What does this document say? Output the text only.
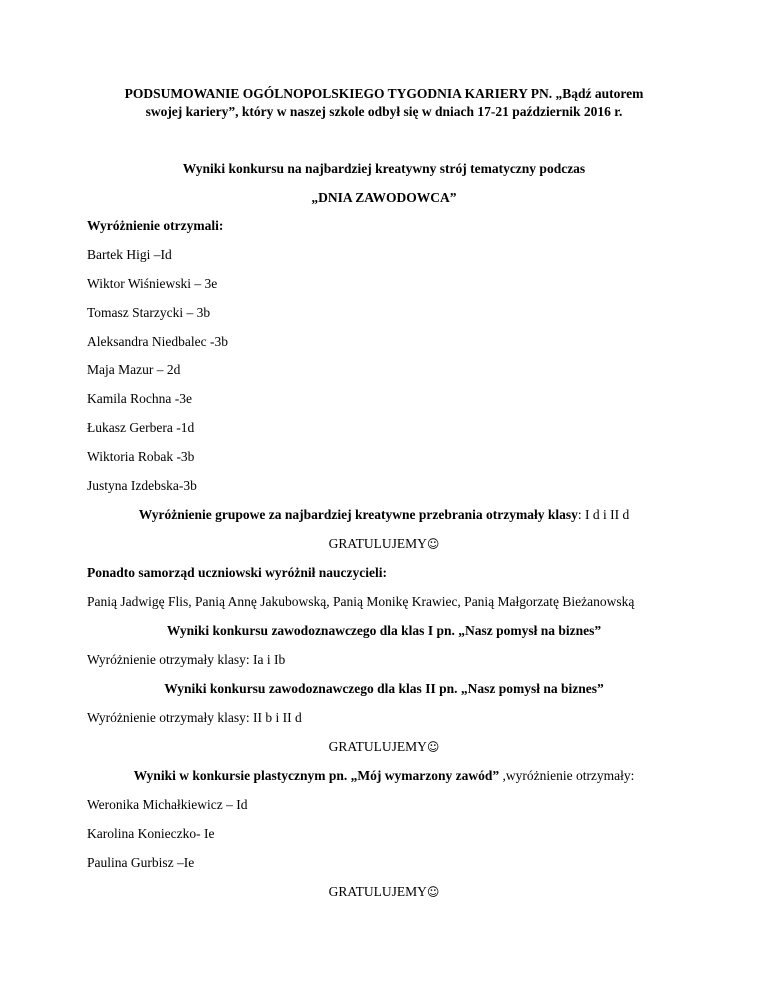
PODSUMOWANIE OGÓLNOPOLSKIEGO TYGODNIA KARIERY PN. „Bądź autorem
swojej kariery”, który w naszej szkole odbył się w dniach 17-21 październik 2016 r.
Wyniki konkursu na najbardziej kreatywny strój tematyczny podczas
„DNIA ZAWODOWCA”
Wyróżnienie otrzymali:
Bartek Higi –Id
Wiktor Wiśniewski – 3e
Tomasz Starzycki – 3b
Aleksandra Niedbalec -3b
Maja Mazur – 2d
Kamila Rochna -3e
Łukasz Gerbera -1d
Wiktoria Robak -3b
Justyna Izdebska-3b
Wyróżnienie grupowe za najbardziej kreatywne przebrania otrzymały klasy: I d i II d
GRATULUJEMY☺
Ponadto samorząd uczniowski wyróżnił nauczycieli:
Panią Jadwigę Flis, Panią Annę Jakubowską, Panią Monikę Krawiec, Panią Małgorzatę Bieżanowską
Wyniki konkursu zawodoznawczego dla klas I pn. „Nasz pomysł na biznes”
Wyróżnienie otrzymały klasy: Ia i Ib
Wyniki konkursu zawodoznawczego dla klas II pn. „Nasz pomysł na biznes”
Wyróżnienie otrzymały klasy: II b i II d
GRATULUJEMY☺
Wyniki w konkursie plastycznym pn. „Mój wymarzony zawód” ,wyróżnienie otrzymały:
Weronika Michałkiewicz – Id
Karolina Konieczko- Ie
Paulina Gurbisz –Ie
GRATULUJEMY☺
